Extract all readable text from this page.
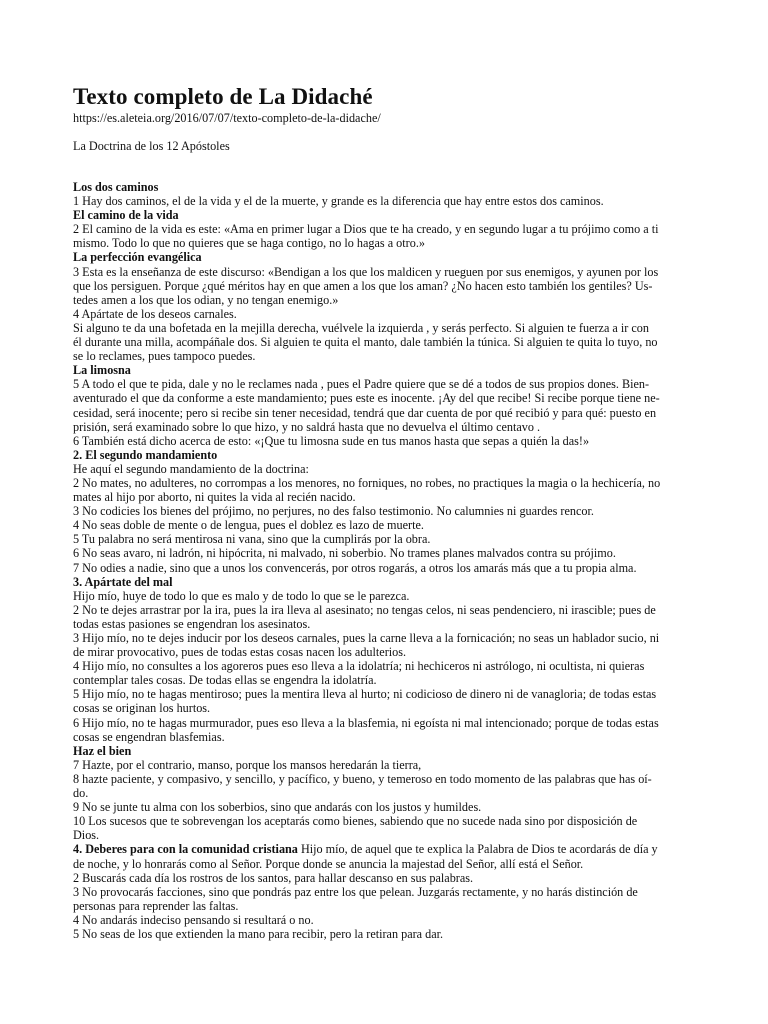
Texto completo de La Didaché

https://es.aleteia.org/2016/07/07/texto-completo-de-la-didache/

La Doctrina de los 12 Apóstoles

Los dos caminos

1 Hay dos caminos, el de la vida y el de la muerte, y grande es la diferencia que hay entre estos dos caminos.

El camino de la vida

2 El camino de la vida es este: «Ama en primer lugar a Dios que te ha creado, y en segundo lugar a tu prójimo como a ti

mismo. Todo lo que no quieres que se haga contigo, no lo hagas a otro.»

La perfección evangélica

3 Esta es la enseñanza de este discurso: «Bendigan a los que los maldicen y rueguen por sus enemigos, y ayunen por los

que los persiguen. Porque ¿qué méritos hay en que amen a los que los aman? ¿No hacen esto también los gentiles? Us-

tedes amen a los que los odian, y no tengan enemigo.»

4 Apártate de los deseos carnales.

Si alguno te da una bofetada en la mejilla derecha, vuélvele la izquierda , y serás perfecto. Si alguien te fuerza a ir con

él durante una milla, acompáñale dos. Si alguien te quita el manto, dale también la túnica. Si alguien te quita lo tuyo, no

se lo reclames, pues tampoco puedes.

La limosna

5 A todo el que te pida, dale y no le reclames nada , pues el Padre quiere que se dé a todos de sus propios dones. Bien-

aventurado el que da conforme a este mandamiento; pues este es inocente. ¡Ay del que recibe! Si recibe porque tiene ne-

cesidad, será inocente; pero si recibe sin tener necesidad, tendrá que dar cuenta de por qué recibió y para qué: puesto en

prisión, será examinado sobre lo que hizo, y no saldrá hasta que no devuelva el último centavo .

6 También está dicho acerca de esto: «¡Que tu limosna sude en tus manos hasta que sepas a quién la das!»

2. El segundo mandamiento

He aquí el segundo mandamiento de la doctrina:

2 No mates, no adulteres, no corrompas a los menores, no forniques, no robes, no practiques la magia o la hechicería, no

mates al hijo por aborto, ni quites la vida al recién nacido.

3 No codicies los bienes del prójimo, no perjures, no des falso testimonio. No calumnies ni guardes rencor.

4 No seas doble de mente o de lengua, pues el doblez es lazo de muerte.

5 Tu palabra no será mentirosa ni vana, sino que la cumplirás por la obra.

6 No seas avaro, ni ladrón, ni hipócrita, ni malvado, ni soberbio. No trames planes malvados contra su prójimo.

7 No odies a nadie, sino que a unos los convencerás, por otros rogarás, a otros los amarás más que a tu propia alma.

3. Apártate del mal

Hijo mío, huye de todo lo que es malo y de todo lo que se le parezca.

2 No te dejes arrastrar por la ira, pues la ira lleva al asesinato; no tengas celos, ni seas pendenciero, ni irascible; pues de

todas estas pasiones se engendran los asesinatos.

3 Hijo mío, no te dejes inducir por los deseos carnales, pues la carne lleva a la fornicación; no seas un hablador sucio, ni

de mirar provocativo, pues de todas estas cosas nacen los adulterios.

4 Hijo mío, no consultes a los agoreros pues eso lleva a la idolatría; ni hechiceros ni astrólogo, ni ocultista, ni quieras

contemplar tales cosas. De todas ellas se engendra la idolatría.

5 Hijo mío, no te hagas mentiroso; pues la mentira lleva al hurto; ni codicioso de dinero ni de vanagloria; de todas estas

cosas se originan los hurtos.

6 Hijo mío, no te hagas murmurador, pues eso lleva a la blasfemia, ni egoísta ni mal intencionado; porque de todas estas

cosas se engendran blasfemias.

Haz el bien

7 Hazte, por el contrario, manso, porque los mansos heredarán la tierra,

8 hazte paciente, y compasivo, y sencillo, y pacífico, y bueno, y temeroso en todo momento de las palabras que has oí-

do.

9 No se junte tu alma con los soberbios, sino que andarás con los justos y humildes.

10 Los sucesos que te sobrevengan los aceptarás como bienes, sabiendo que no sucede nada sino por disposición de

Dios.

4. Deberes para con la comunidad cristiana Hijo mío, de aquel que te explica la Palabra de Dios te acordarás de día y

de noche, y lo honrarás como al Señor. Porque donde se anuncia la majestad del Señor, allí está el Señor.

2 Buscarás cada día los rostros de los santos, para hallar descanso en sus palabras.

3 No provocarás facciones, sino que pondrás paz entre los que pelean. Juzgarás rectamente, y no harás distinción de

personas para reprender las faltas.

4 No andarás indeciso pensando si resultará o no.

5 No seas de los que extienden la mano para recibir, pero la retiran para dar.
